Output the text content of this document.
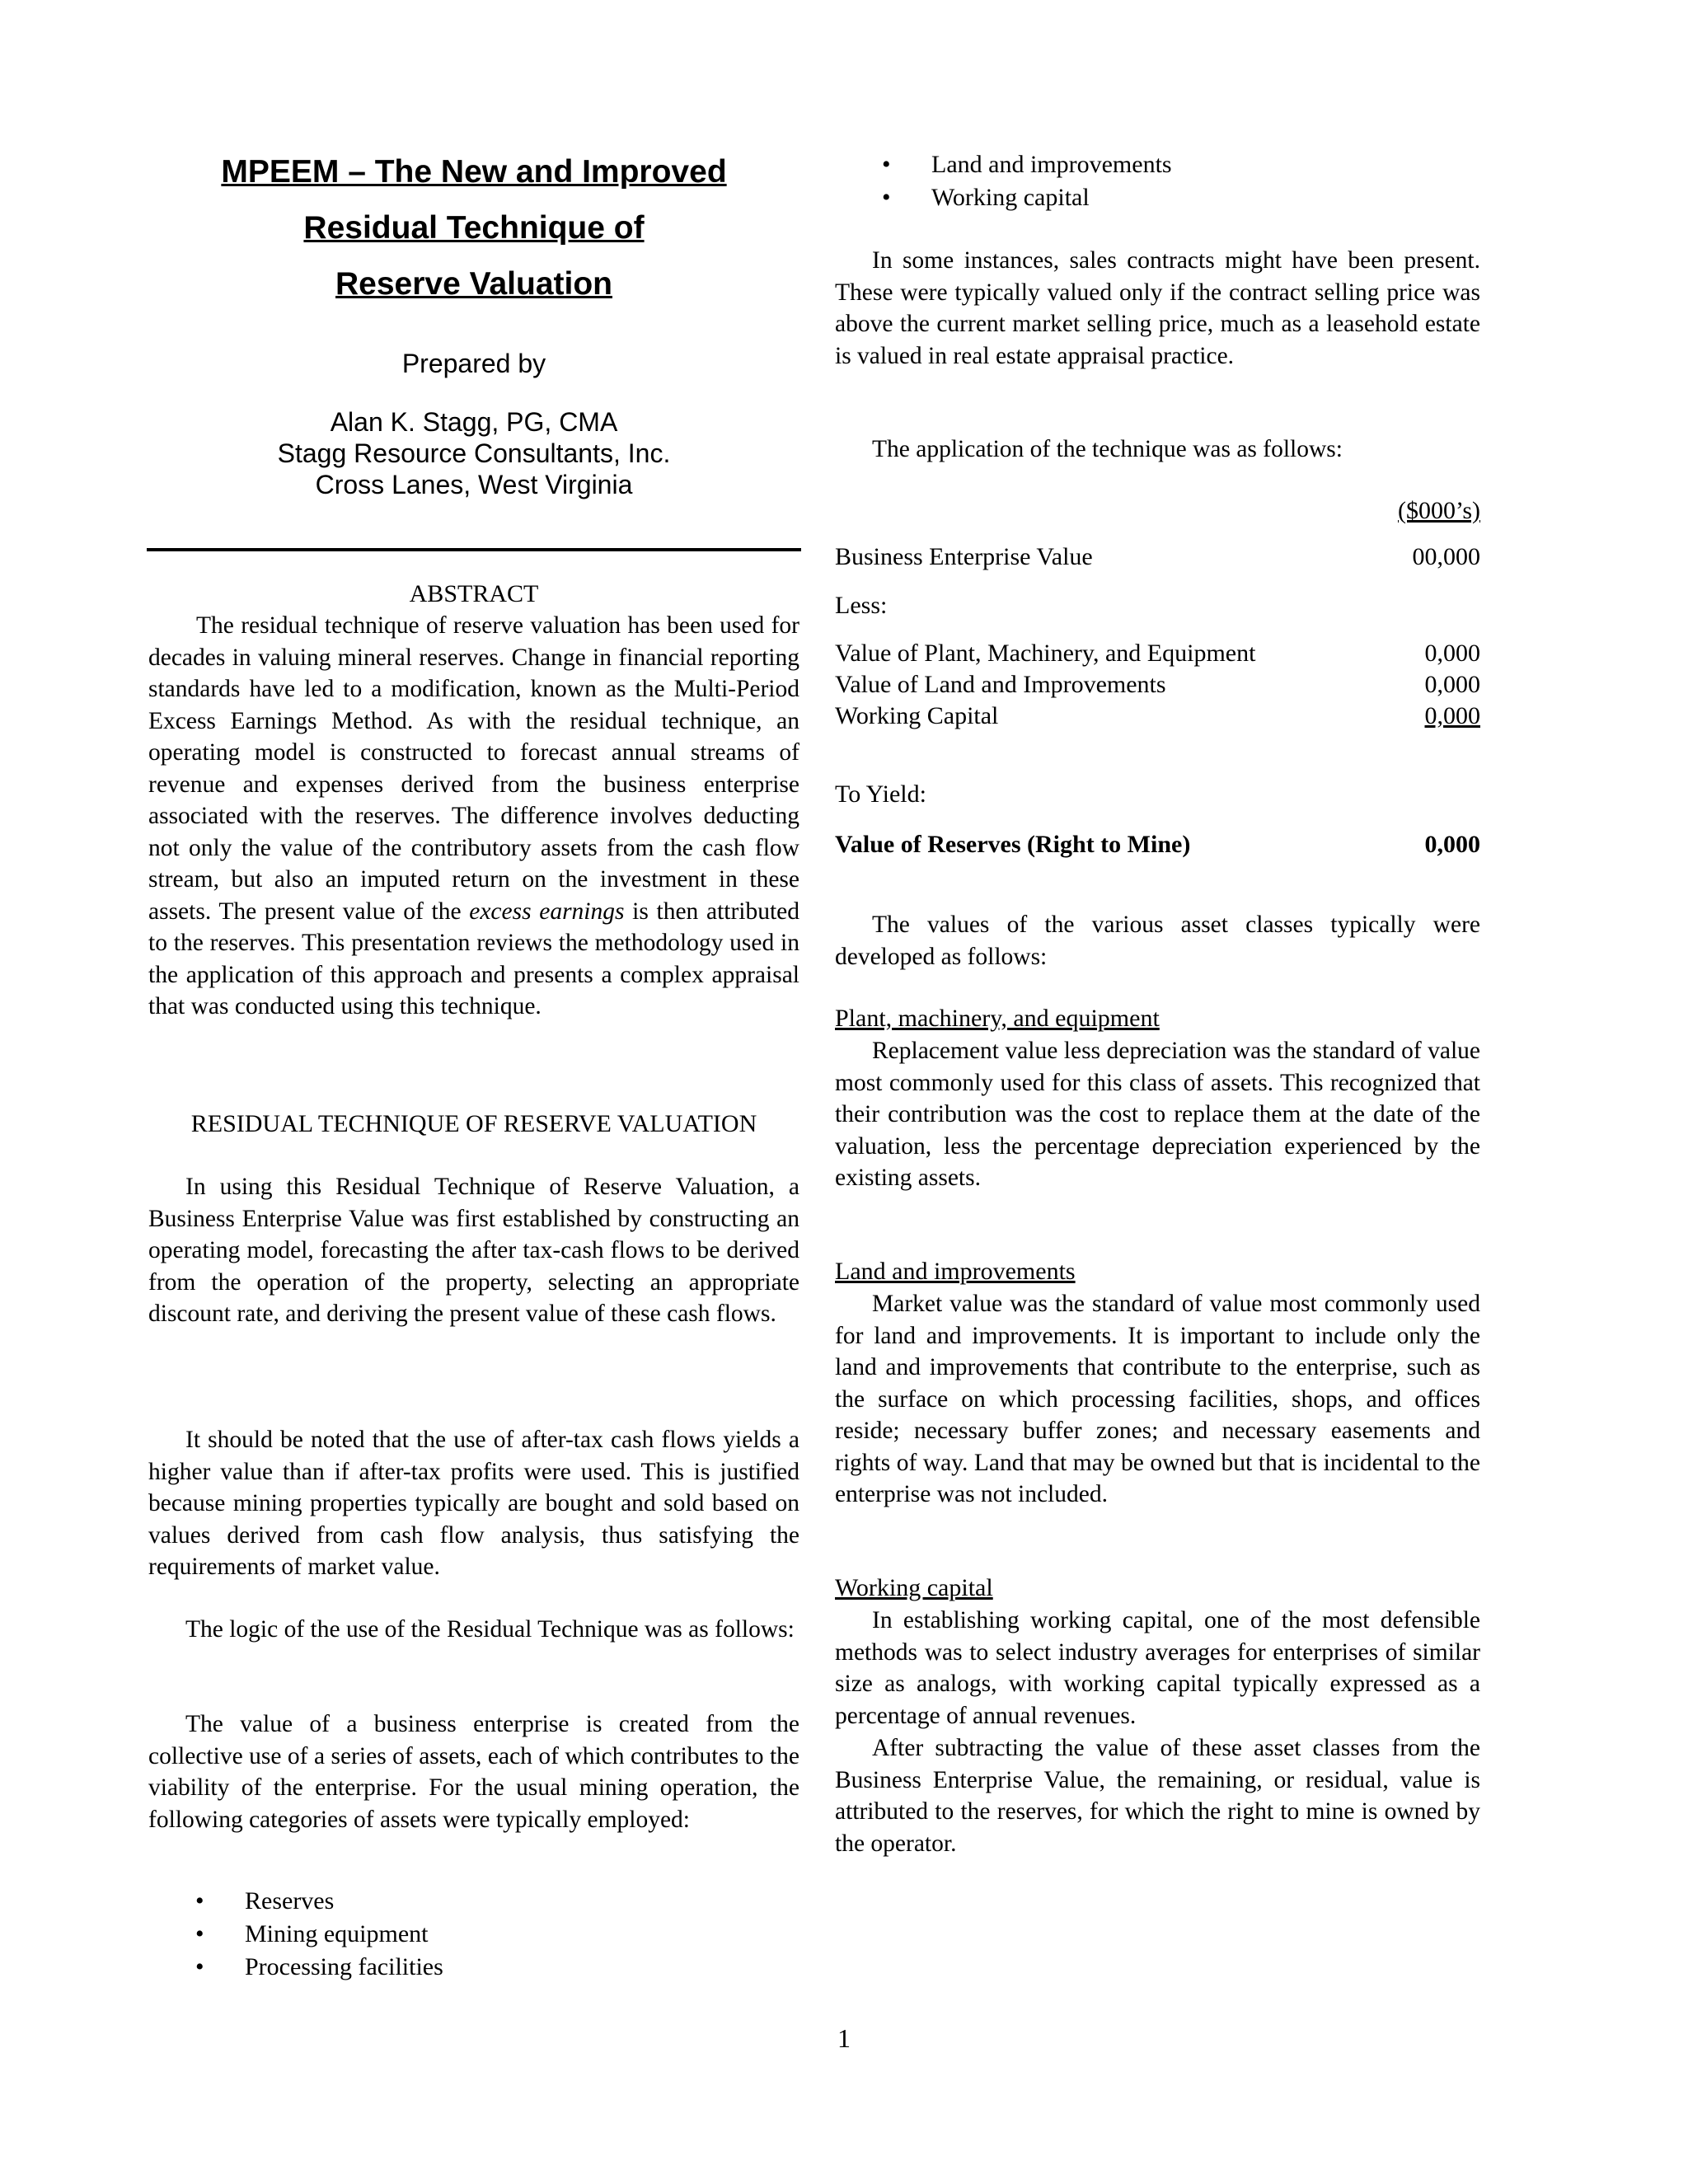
MPEEM – The New and Improved
Residual Technique of
Reserve Valuation
Prepared by
Alan K. Stagg, PG, CMA
Stagg Resource Consultants, Inc.
Cross Lanes, West Virginia
ABSTRACT

The residual technique of reserve valuation has been used for decades in valuing mineral reserves. Change in financial reporting standards have led to a modification, known as the Multi-Period Excess Earnings Method. As with the residual technique, an operating model is constructed to forecast annual streams of revenue and expenses derived from the business enterprise associated with the reserves. The difference involves deducting not only the value of the contributory assets from the cash flow stream, but also an imputed return on the investment in these assets. The present value of the excess earnings is then attributed to the reserves. This presentation reviews the methodology used in the application of this approach and presents a complex appraisal that was conducted using this technique.

RESIDUAL TECHNIQUE OF RESERVE VALUATION

In using this Residual Technique of Reserve Valuation, a Business Enterprise Value was first established by constructing an operating model, forecasting the after tax-cash flows to be derived from the operation of the property, selecting an appropriate discount rate, and deriving the present value of these cash flows.

It should be noted that the use of after-tax cash flows yields a higher value than if after-tax profits were used. This is justified because mining properties typically are bought and sold based on values derived from cash flow analysis, thus satisfying the requirements of market value.

The logic of the use of the Residual Technique was as follows:

The value of a business enterprise is created from the collective use of a series of assets, each of which contributes to the viability of the enterprise. For the usual mining operation, the following categories of assets were typically employed:

• Reserves
• Mining equipment
• Processing facilities
• Land and improvements
• Working capital

In some instances, sales contracts might have been present. These were typically valued only if the contract selling price was above the current market selling price, much as a leasehold estate is valued in real estate appraisal practice.

The application of the technique was as follows:

($000’s)
Business Enterprise Value	00,000
Less:
Value of Plant, Machinery, and Equipment	0,000
Value of Land and Improvements	0,000
Working Capital	0,000
To Yield:
Value of Reserves (Right to Mine)	0,000

The values of the various asset classes typically were developed as follows:

Plant, machinery, and equipment

Replacement value less depreciation was the standard of value most commonly used for this class of assets. This recognized that their contribution was the cost to replace them at the date of the valuation, less the percentage depreciation experienced by the existing assets.

Land and improvements

Market value was the standard of value most commonly used for land and improvements. It is important to include only the land and improvements that contribute to the enterprise, such as the surface on which processing facilities, shops, and offices reside; necessary buffer zones; and necessary easements and rights of way. Land that may be owned but that is incidental to the enterprise was not included.

Working capital

In establishing working capital, one of the most defensible methods was to select industry averages for enterprises of similar size as analogs, with working capital typically expressed as a percentage of annual revenues.

After subtracting the value of these asset classes from the Business Enterprise Value, the remaining, or residual, value is attributed to the reserves, for which the right to mine is owned by the operator.

1
